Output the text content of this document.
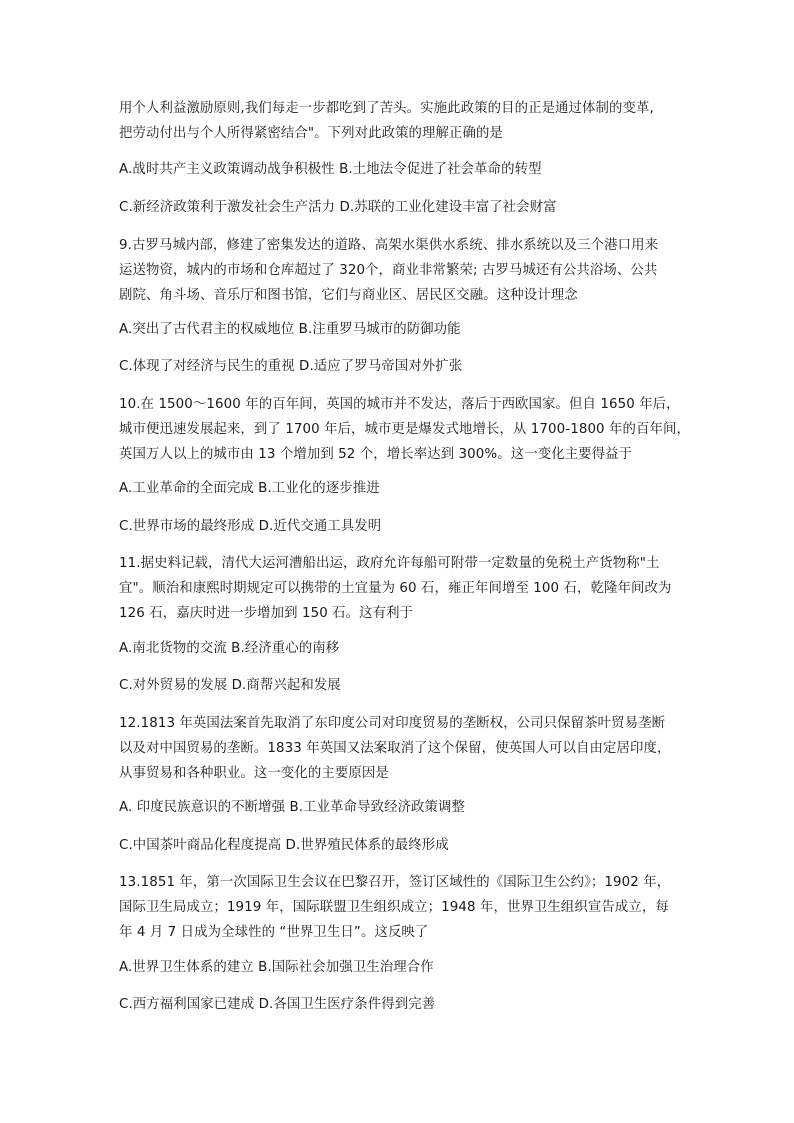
用个人利益激励原则,我们每走一步都吃到了苦头。实施此政策的目的正是通过体制的变革,
把劳动付出与个人所得紧密结合"。下列对此政策的理解正确的是
A.战时共产主义政策调动战争积极性 B.土地法令促进了社会革命的转型
C.新经济政策利于激发社会生产活力 D.苏联的工业化建设丰富了社会财富
9.古罗马城内部，修建了密集发达的道路、高架水渠供水系统、排水系统以及三个港口用来
运送物资，城内的市场和仓库超过了 320个，商业非常繁荣; 古罗马城还有公共浴场、公共
剧院、角斗场、音乐厅和图书馆，它们与商业区、居民区交融。这种设计理念
A.突出了古代君主的权威地位 B.注重罗马城市的防御功能
C.体现了对经济与民生的重视 D.适应了罗马帝国对外扩张
10.在 1500～1600 年的百年间，英国的城市并不发达，落后于西欧国家。但自 1650 年后，
城市便迅速发展起来，到了 1700 年后，城市更是爆发式地增长，从 1700-1800 年的百年间，
英国万人以上的城市由 13 个增加到 52 个，增长率达到 300%。这一变化主要得益于
A.工业革命的全面完成 B.工业化的逐步推进
C.世界市场的最终形成 D.近代交通工具发明
11.据史料记载，清代大运河漕船出运，政府允许每船可附带一定数量的免税土产货物称"土
宜"。顺治和康熙时期规定可以携带的土宜量为 60 石，雍正年间增至 100 石，乾隆年间改为
126 石，嘉庆时进一步增加到 150 石。这有利于
A.南北货物的交流 B.经济重心的南移
C.对外贸易的发展 D.商帮兴起和发展
12.1813 年英国法案首先取消了东印度公司对印度贸易的垄断权，公司只保留茶叶贸易垄断
以及对中国贸易的垄断。1833 年英国又法案取消了这个保留，使英国人可以自由定居印度，
从事贸易和各种职业。这一变化的主要原因是
A. 印度民族意识的不断增强 B.工业革命导致经济政策调整
C.中国茶叶商品化程度提高 D.世界殖民体系的最终形成
13.1851 年，第一次国际卫生会议在巴黎召开，签订区域性的《国际卫生公约》；1902 年，
国际卫生局成立；1919 年，国际联盟卫生组织成立；1948 年，世界卫生组织宣告成立，每
年 4 月 7 日成为全球性的 “世界卫生日”。这反映了
A.世界卫生体系的建立 B.国际社会加强卫生治理合作
C.西方福利国家已建成 D.各国卫生医疗条件得到完善
